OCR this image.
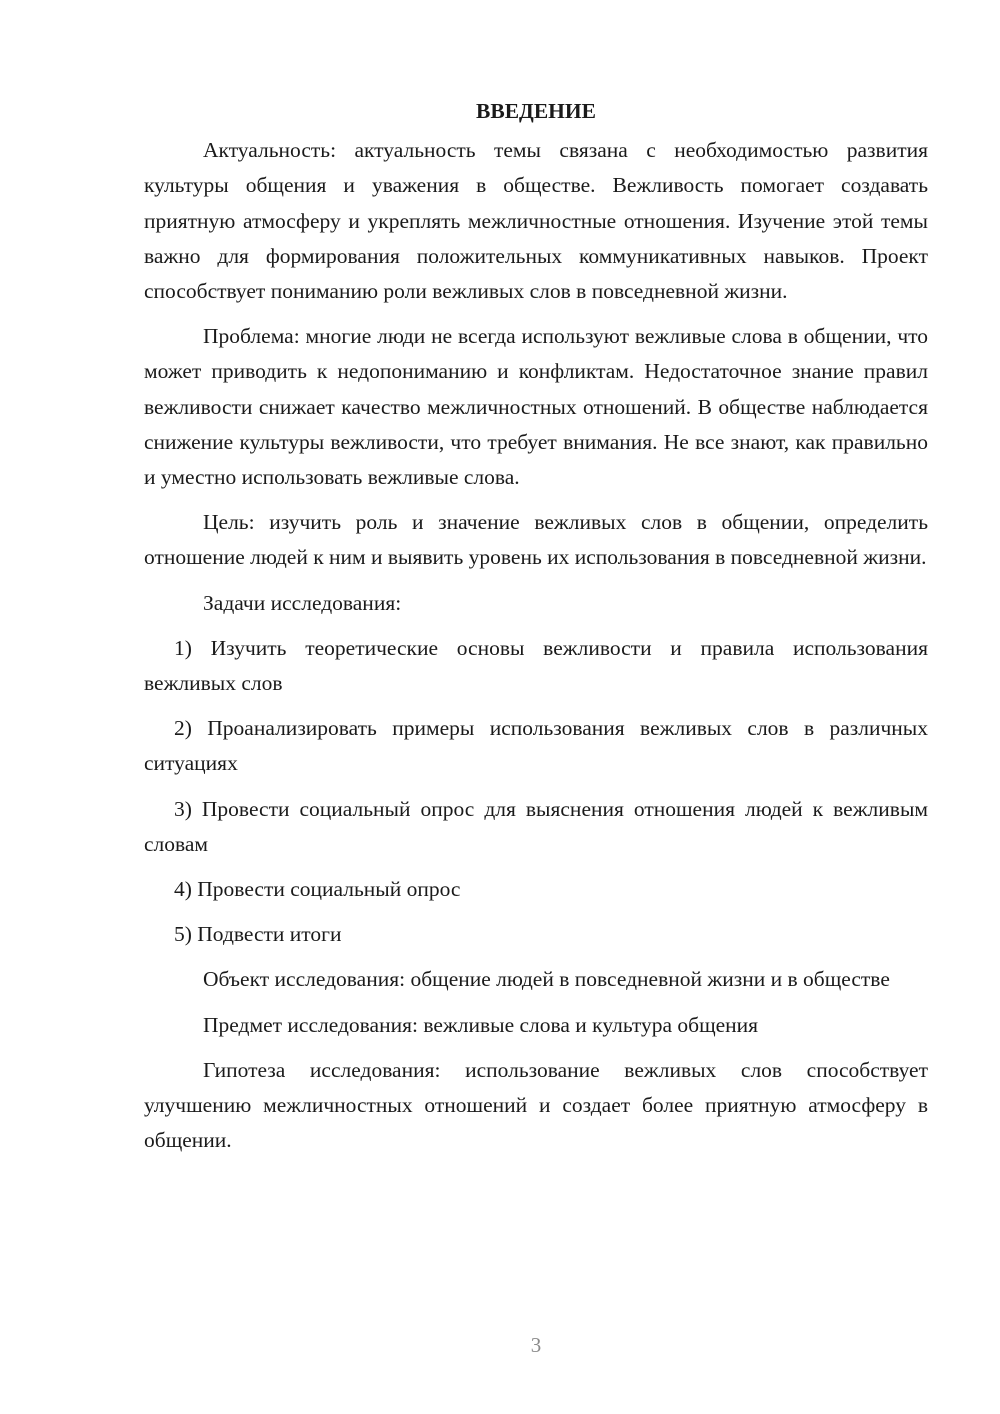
ВВЕДЕНИЕ

Актуальность: актуальность темы связана с необходимостью развития культуры общения и уважения в обществе. Вежливость помогает создавать приятную атмосферу и укреплять межличностные отношения. Изучение этой темы важно для формирования положительных коммуникативных навыков. Проект способствует пониманию роли вежливых слов в повседневной жизни.

Проблема: многие люди не всегда используют вежливые слова в общении, что может приводить к недопониманию и конфликтам. Недостаточное знание правил вежливости снижает качество межличностных отношений. В обществе наблюдается снижение культуры вежливости, что требует внимания. Не все знают, как правильно и уместно использовать вежливые слова.

Цель: изучить роль и значение вежливых слов в общении, определить отношение людей к ним и выявить уровень их использования в повседневной жизни.

Задачи исследования:

1) Изучить теоретические основы вежливости и правила использования вежливых слов

2) Проанализировать примеры использования вежливых слов в различных ситуациях

3) Провести социальный опрос для выяснения отношения людей к вежливым словам

4) Провести социальный опрос

5) Подвести итоги

Объект исследования: общение людей в повседневной жизни и в обществе

Предмет исследования: вежливые слова и культура общения

Гипотеза исследования: использование вежливых слов способствует улучшению межличностных отношений и создает более приятную атмосферу в общении.

3
